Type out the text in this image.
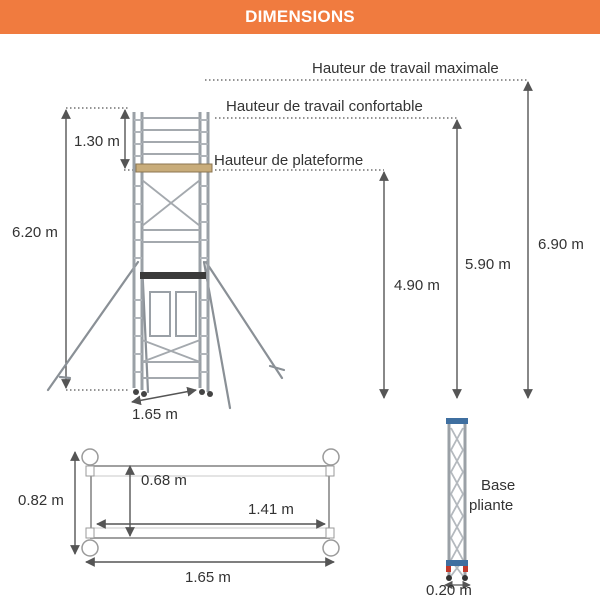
DIMENSIONS
Hauteur de travail maximale
Hauteur de travail confortable
Hauteur de plateforme
4.90 m
5.90 m
6.90 m
6.20 m
1.30 m
1.65 m
0.82 m
0.68 m
1.41 m
1.65 m
Base
pliante
0.20 m
